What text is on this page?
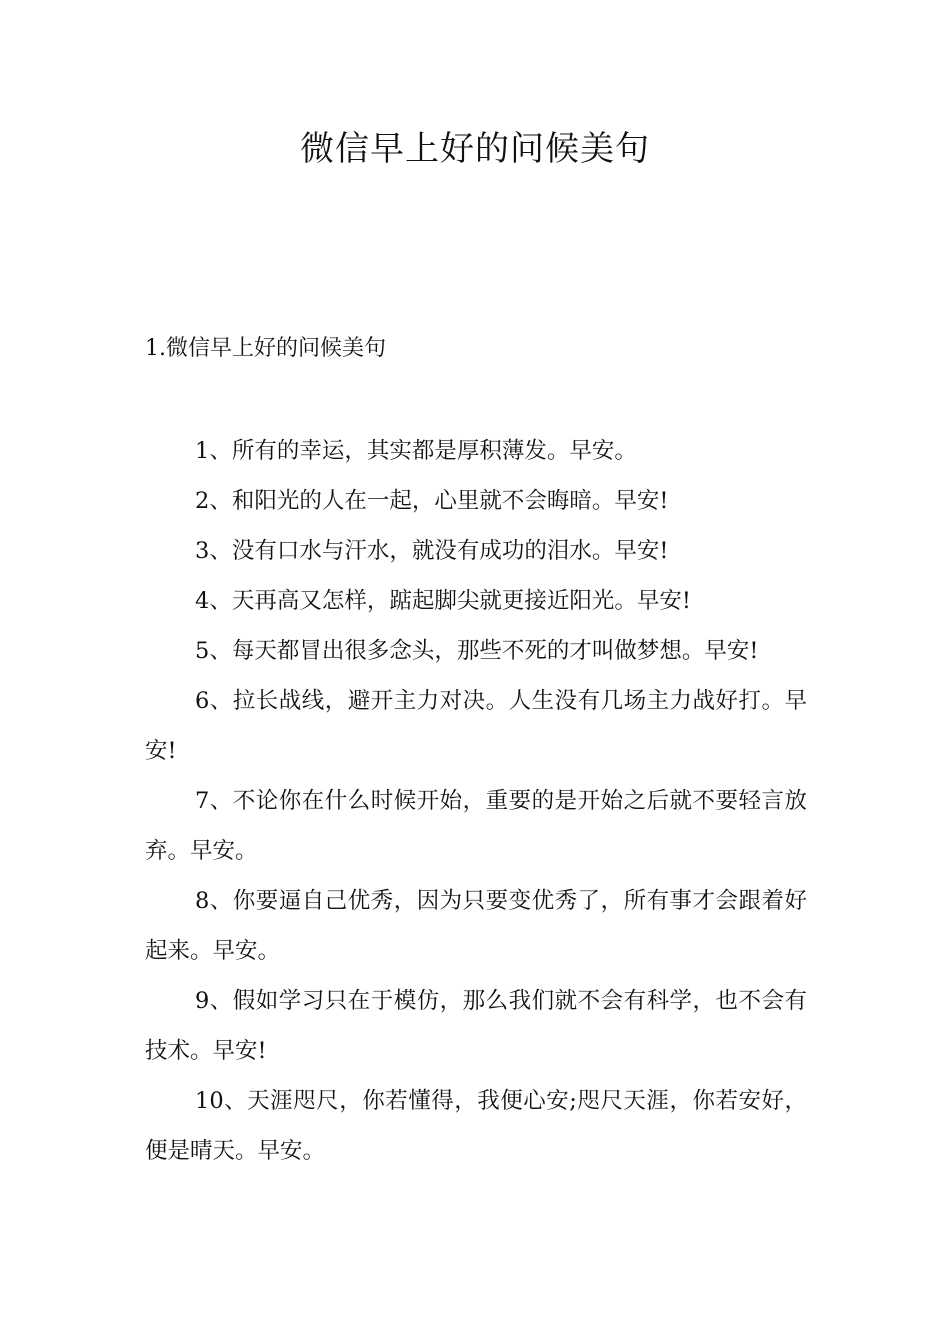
微信早上好的问候美句
1.微信早上好的问候美句
1、所有的幸运，其实都是厚积薄发。早安。
2、和阳光的人在一起，心里就不会晦暗。早安!
3、没有口水与汗水，就没有成功的泪水。早安!
4、天再高又怎样，踮起脚尖就更接近阳光。早安!
5、每天都冒出很多念头，那些不死的才叫做梦想。早安!
6、拉长战线，避开主力对决。人生没有几场主力战好打。早安!
7、不论你在什么时候开始，重要的是开始之后就不要轻言放弃。早安。
8、你要逼自己优秀，因为只要变优秀了，所有事才会跟着好起来。早安。
9、假如学习只在于模仿，那么我们就不会有科学，也不会有技术。早安!
10、天涯咫尺，你若懂得，我便心安;咫尺天涯，你若安好，便是晴天。早安。
